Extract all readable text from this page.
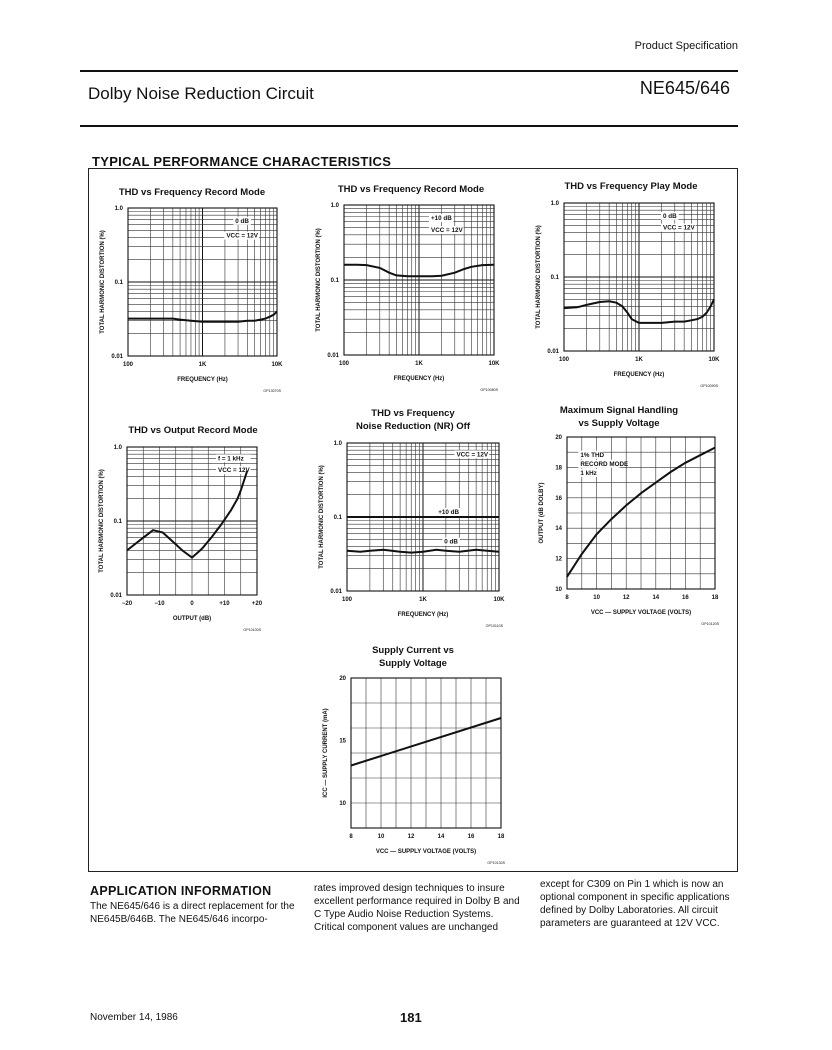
Product Specification
Dolby Noise Reduction Circuit	NE645/646
TYPICAL PERFORMANCE CHARACTERISTICS
THD vs Frequency Record Mode
100	1K	10K
1.0
0.1
0.01
FREQUENCY (Hz)
TOTAL HARMONIC DISTORTION (%)
OP13070S
0 dB
VCC = 12V
THD vs Frequency Record Mode
100	1K	10K
1.0
0.1
0.01
FREQUENCY (Hz)
TOTAL HARMONIC DISTORTION (%)
OP10080S
+10 dB
VCC = 12V
THD vs Frequency Play Mode
100	1K	10K
1.0
0.1
0.01
FREQUENCY (Hz)
TOTAL HARMONIC DISTORTION (%)
OP10090S
0 dB
VCC = 12V
THD vs Output Record Mode
−20	−10	0	+10	+20
1.0
0.1
0.01
OUTPUT (dB)
TOTAL HARMONIC DISTORTION (%)
OP10100S
f = 1 kHz
VCC = 12V
THD vs Frequency
Noise Reduction (NR) Off
100	1K	10K
1.0
0.1
0.01
FREQUENCY (Hz)
TOTAL HARMONIC DISTORTION (%)
OP10110S
VCC = 12V
+10 dB
0 dB
Maximum Signal Handling
vs Supply Voltage
8	10	12	14	16	18
20
18
16
14
12
10
VCC — SUPPLY VOLTAGE (VOLTS)
OUTPUT (dB DOLBY)
OP10120S
1% THD
RECORD MODE
1 kHz
Supply Current vs
Supply Voltage
8	10	12	14	16	18
20
15
10
VCC — SUPPLY VOLTAGE (VOLTS)
ICC — SUPPLY CURRENT (mA)
OP10130S
APPLICATION INFORMATION
The NE645/646 is a direct replacement for the NE645B/646B. The NE645/646 incorpo-
rates improved design techniques to insure excellent performance required in Dolby B and C Type Audio Noise Reduction Systems. Critical component values are unchanged
except for C309 on Pin 1 which is now an optional component in specific applications defined by Dolby Laboratories. All circuit parameters are guaranteed at 12V VCC.
November 14, 1986	181
